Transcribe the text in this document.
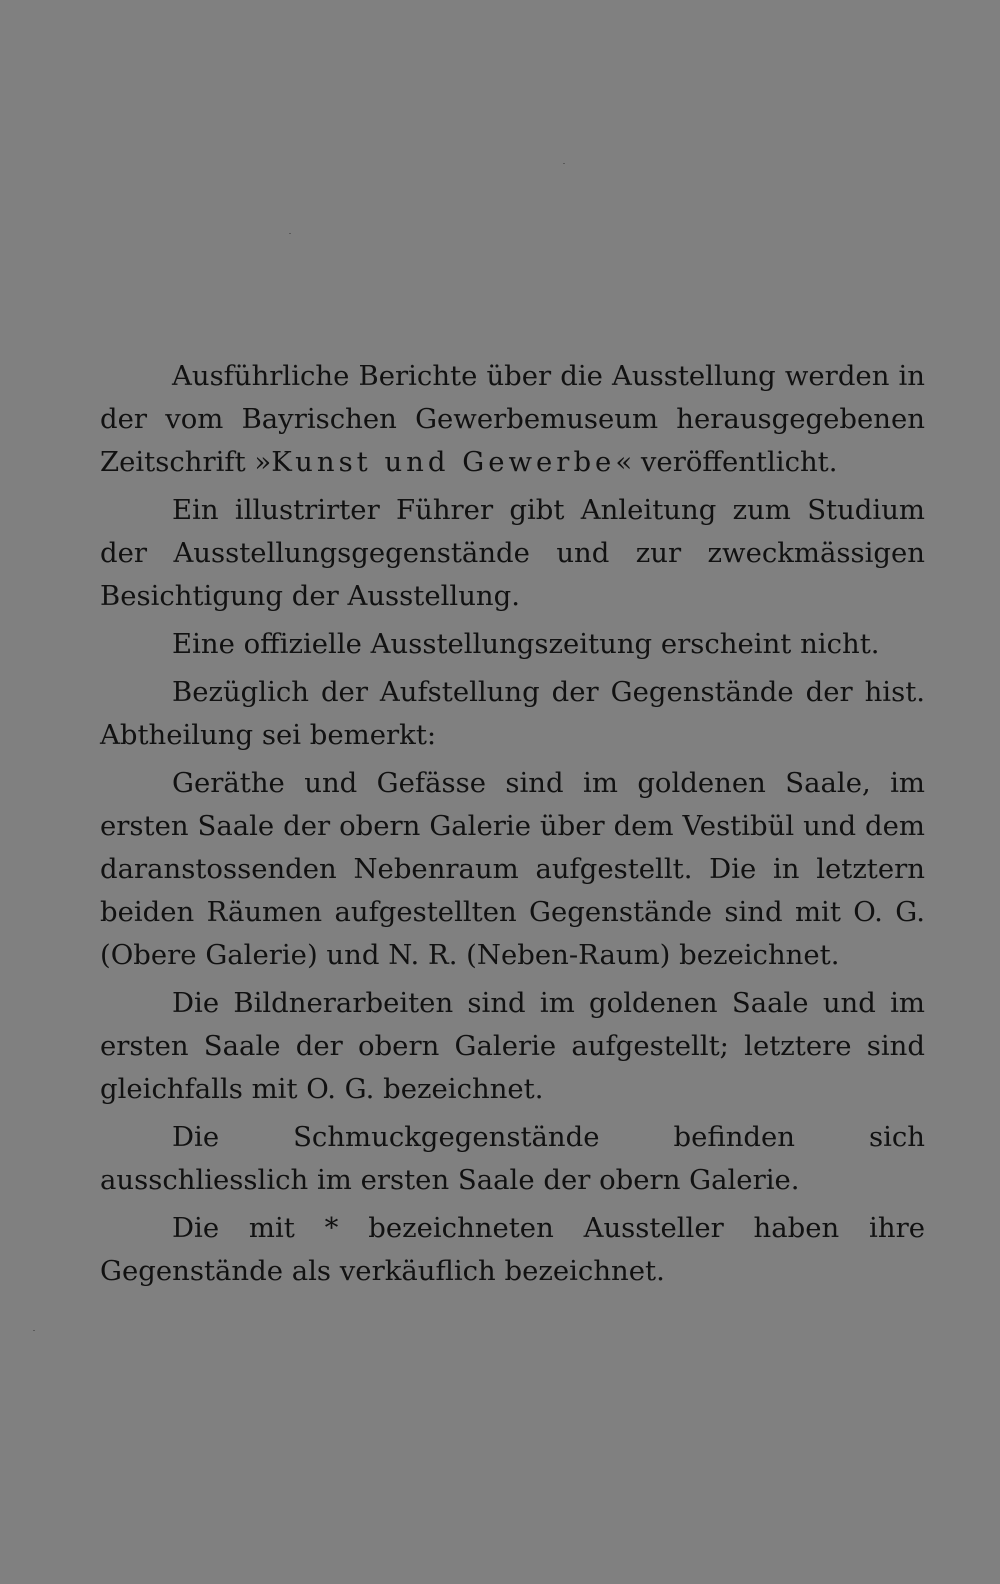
Ausführliche Berichte über die Ausstellung werden in der vom Bayrischen Gewerbemuseum herausgegebenen Zeitschrift »Kunst und Gewerbe« veröffentlicht.

Ein illustrirter Führer gibt Anleitung zum Studium der Ausstellungsgegenstände und zur zweckmässigen Besichtigung der Ausstellung.

Eine offizielle Ausstellungszeitung erscheint nicht.

Bezüglich der Aufstellung der Gegenstände der hist. Abtheilung sei bemerkt:

Geräthe und Gefässe sind im goldenen Saale, im ersten Saale der obern Galerie über dem Vestibül und dem daranstossenden Nebenraum aufgestellt. Die in letztern beiden Räumen aufgestellten Gegenstände sind mit O. G. (Obere Galerie) und N. R. (Neben-Raum) bezeichnet.

Die Bildnerarbeiten sind im goldenen Saale und im ersten Saale der obern Galerie aufgestellt; letztere sind gleichfalls mit O. G. bezeichnet.

Die Schmuckgegenstände befinden sich ausschliesslich im ersten Saale der obern Galerie.

Die mit * bezeichneten Aussteller haben ihre Gegenstände als verkäuflich bezeichnet.
